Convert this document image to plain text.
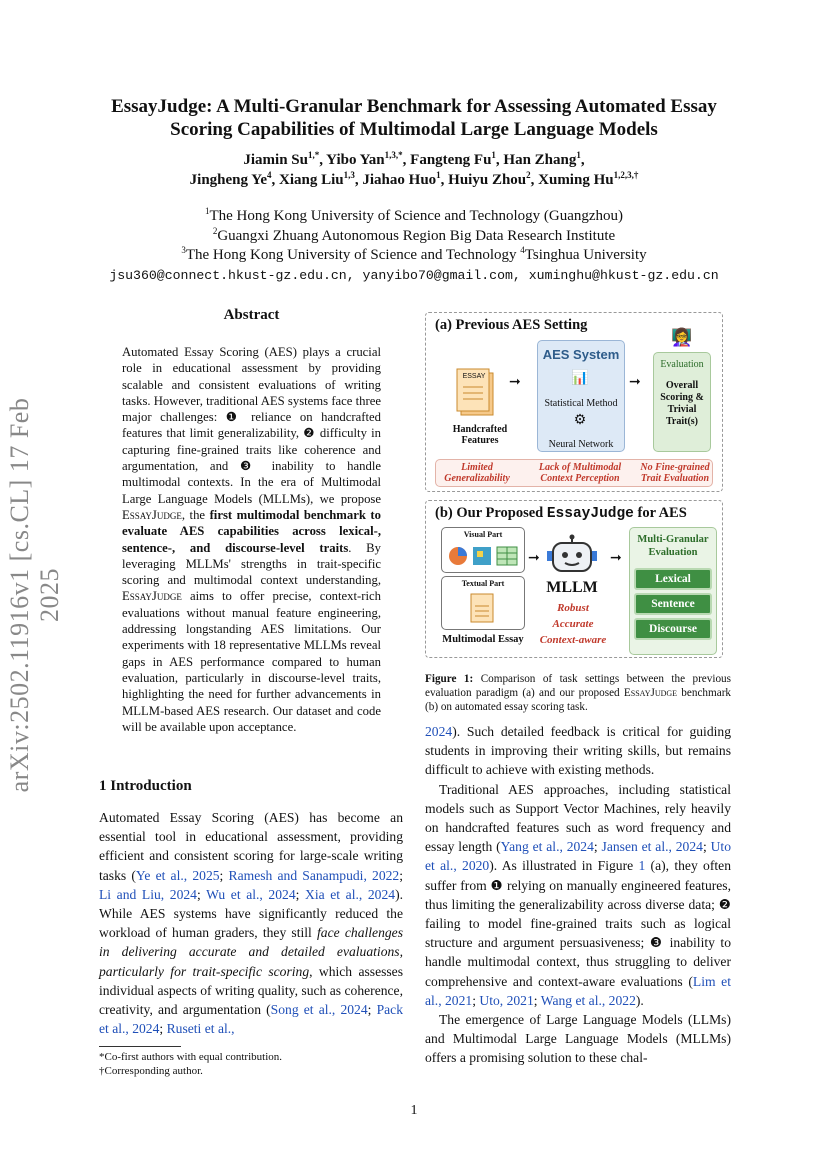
EssayJudge: A Multi-Granular Benchmark for Assessing Automated Essay
Scoring Capabilities of Multimodal Large Language Models
Jiamin $Su^{1,*}$, Yibo Yan$^{1,3,*}$, Fangteng Fu$^1$, Han Zhang$^1$,
Jingheng Ye$^4$, Xiang Liu$^{1,3}$, Jiahao Huo$^1$, Huiyu Zhou$^2$, Xuming $Hu^{1,2,3,\dagger}$
$^1$The Hong Kong University of Science and Technology (Guangzhou)
$^2$Guangxi Zhuang Autonomous Region Big Data Research Institute
$^3$The Hong Kong University of Science and Technology $^4$Tsinghua University
jsu360@connect.hkust-gz.edu.cn, yanyibo70@gmail.com, xuminghu@hkust-gz.edu.cn
arXiv:2502.11916v1 [cs.CL] 17 Feb 2025
Abstract
Automated Essay Scoring (AES) plays a crucial role in educational assessment by providing scalable and consistent evaluations of writing tasks. However, traditional AES systems face three major challenges: ❶ reliance on handcrafted features that limit generalizability, ❷ difficulty in capturing fine-grained traits like coherence and argumentation, and ❸ inability to handle multimodal contexts. In the era of Multimodal Large Language Models (MLLMs), we propose EssayJudge, the first multimodal benchmark to evaluate AES capabilities across lexical-, sentence-, and discourse-level traits. By leveraging MLLMs' strengths in trait-specific scoring and multimodal context understanding, EssayJudge aims to offer precise, context-rich evaluations without manual feature engineering, addressing longstanding AES limitations. Our experiments with 18 representative MLLMs reveal gaps in AES performance compared to human evaluation, particularly in discourse-level traits, highlighting the need for further advancements in MLLM-based AES research. Our dataset and code will be available upon acceptance.
1 Introduction
Automated Essay Scoring (AES) has become an essential tool in educational assessment, providing efficient and consistent scoring for large-scale writing tasks (Ye et al., 2025; Ramesh and Sanampudi, 2022; Li and Liu, 2024; Wu et al., 2024; Xia et al., 2024). While AES systems have significantly reduced the workload of human graders, they still face challenges in delivering accurate and detailed evaluations, particularly for trait-specific scoring, which assesses individual aspects of writing quality, such as coherence, creativity, and argumentation (Song et al., 2024; Pack et al., 2024; Ruseti et al.,
*Co-first authors with equal contribution.
†Corresponding author.
1
(a) Previous AES Setting
ESSAY
Handcrafted Features
➞
AES System
📊
Statistical Method
⚙
Neural Network
➞
👩‍🏫
Evaluation
Overall Scoring & Trivial Trait(s)
Limited Generalizability
Lack of Multimodal Context Perception
No Fine-grained Trait Evaluation
(b) Our Proposed EssayJudge for AES
Visual Part
Textual Part
Multimodal Essay
➞
MLLM
Robust
Accurate
Context-aware
➞
Multi-Granular Evaluation
Lexical
Sentence
Discourse
Figure 1: Comparison of task settings between the previous evaluation paradigm (a) and our proposed EssayJudge benchmark (b) on automated essay scoring task.
2024). Such detailed feedback is critical for guiding students in improving their writing skills, but remains difficult to achieve with existing methods.
Traditional AES approaches, including statistical models such as Support Vector Machines, rely heavily on handcrafted features such as word frequency and essay length (Yang et al., 2024; Jansen et al., 2024; Uto et al., 2020). As illustrated in Figure 1 (a), they often suffer from ❶ relying on manually engineered features, thus limiting the generalizability across diverse data; ❷ failing to model fine-grained traits such as logical structure and argument persuasiveness; ❸ inability to handle multimodal context, thus struggling to deliver comprehensive and context-aware evaluations (Lim et al., 2021; Uto, 2021; Wang et al., 2022).
The emergence of Large Language Models (LLMs) and Multimodal Large Language Models (MLLMs) offers a promising solution to these chal-
